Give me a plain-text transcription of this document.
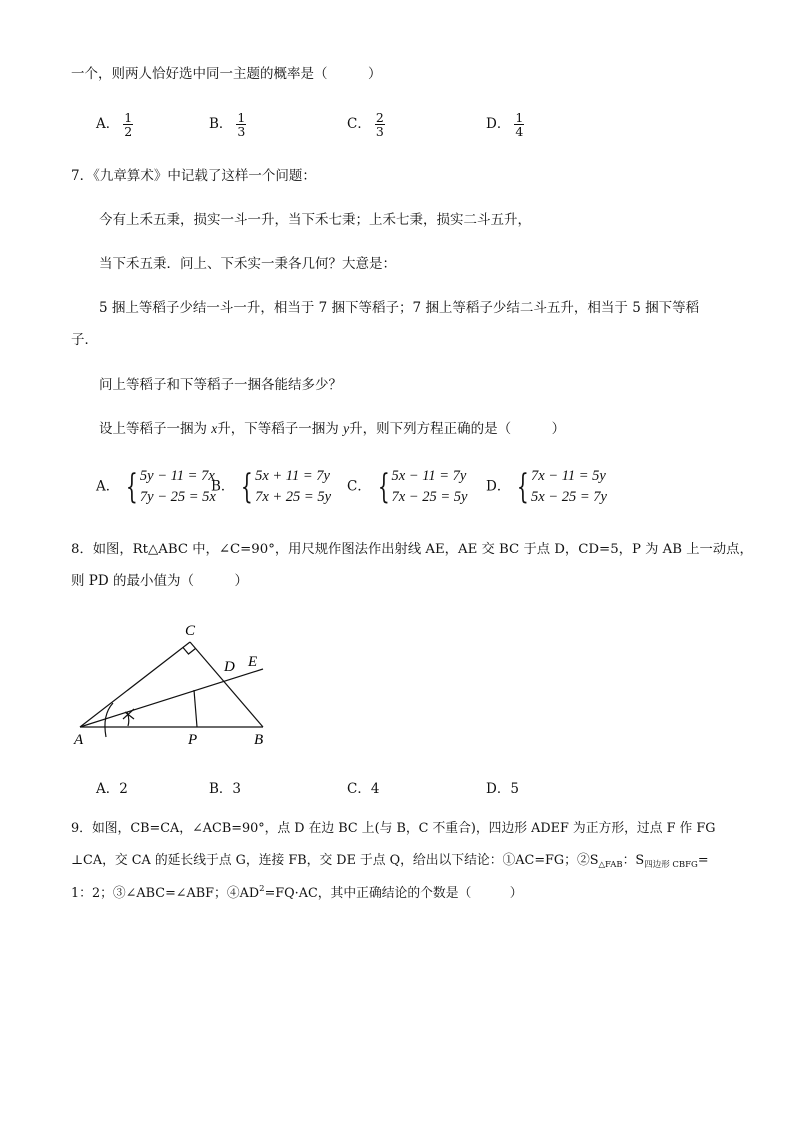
一个，则两人恰好选中同一主题的概率是（　　　）
A． $\frac{1}{2}$	B． $\frac{1}{3}$	C． $\frac{2}{3}$	D． $\frac{1}{4}$
7．《九章算术》中记载了这样一个问题：
今有上禾五秉，损实一斗一升，当下禾七秉；上禾七秉，损实二斗五升，
当下禾五秉．问上、下禾实一秉各几何？大意是：
5 捆上等稻子少结一斗一升，相当于 7 捆下等稻子；7 捆上等稻子少结二斗五升，相当于 5 捆下等稻
子．
问上等稻子和下等稻子一捆各能结多少？
设上等稻子一捆为 x升，下等稻子一捆为 y升，则下列方程正确的是（　　　）
A． { 5y − 11 = 7x
7y − 25 = 5x
B． { 5x + 11 = 7y
7x + 25 = 5y
C． { 5x − 11 = 7y
7x − 25 = 5y
D． { 7x − 11 = 5y
5x − 25 = 7y
8．如图，Rt△ABC 中，∠C=90°，用尺规作图法作出射线 AE，AE 交 BC 于点 D，CD=5，P 为 AB 上一动点，
则 PD 的最小值为（　　　）
C
D E
A	P	B
A．2	B．3	C．4	D．5
9．如图，CB=CA，∠ACB=90°，点 D 在边 BC 上(与 B，C 不重合)，四边形 ADEF 为正方形，过点 F 作 FG
⊥CA，交 CA 的延长线于点 G，连接 FB，交 DE 于点 Q，给出以下结论：①AC=FG；$②S_{\triangle FAB}$：$S_{四边形 CBFG}=$
1：2；③∠ABC=∠ABF；$④AD^2=FQ\cdot AC$，其中正确结论的个数是（　　　）
